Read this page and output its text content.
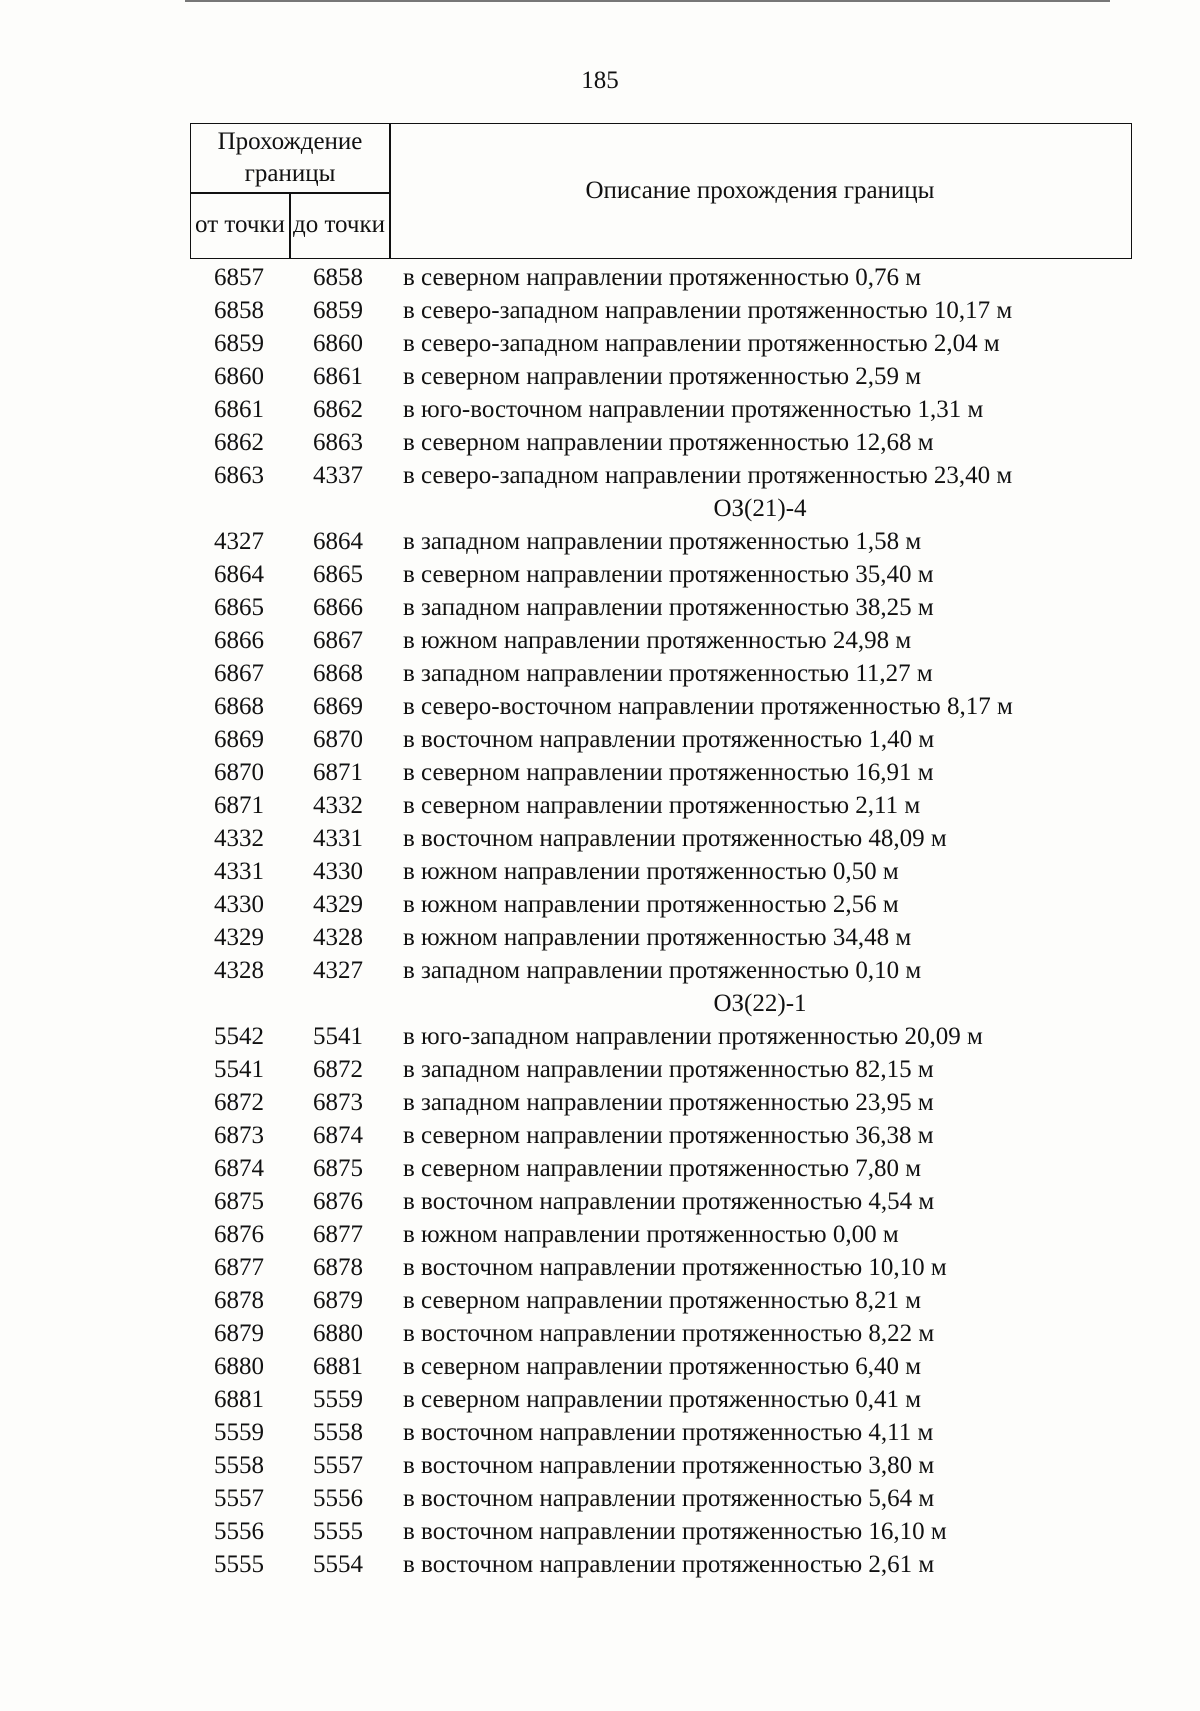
185
Прохождение границы
от точки до точки
Описание прохождения границы
6857	6858	в северном направлении протяженностью 0,76 м
6858	6859	в северо-западном направлении протяженностью 10,17 м
6859	6860	в северо-западном направлении протяженностью 2,04 м
6860	6861	в северном направлении протяженностью 2,59 м
6861	6862	в юго-восточном направлении протяженностью 1,31 м
6862	6863	в северном направлении протяженностью 12,68 м
6863	4337	в северо-западном направлении протяженностью 23,40 м
ОЗ(21)-4
4327	6864	в западном направлении протяженностью 1,58 м
6864	6865	в северном направлении протяженностью 35,40 м
6865	6866	в западном направлении протяженностью 38,25 м
6866	6867	в южном направлении протяженностью 24,98 м
6867	6868	в западном направлении протяженностью 11,27 м
6868	6869	в северо-восточном направлении протяженностью 8,17 м
6869	6870	в восточном направлении протяженностью 1,40 м
6870	6871	в северном направлении протяженностью 16,91 м
6871	4332	в северном направлении протяженностью 2,11 м
4332	4331	в восточном направлении протяженностью 48,09 м
4331	4330	в южном направлении протяженностью 0,50 м
4330	4329	в южном направлении протяженностью 2,56 м
4329	4328	в южном направлении протяженностью 34,48 м
4328	4327	в западном направлении протяженностью 0,10 м
ОЗ(22)-1
5542	5541	в юго-западном направлении протяженностью 20,09 м
5541	6872	в западном направлении протяженностью 82,15 м
6872	6873	в западном направлении протяженностью 23,95 м
6873	6874	в северном направлении протяженностью 36,38 м
6874	6875	в северном направлении протяженностью 7,80 м
6875	6876	в восточном направлении протяженностью 4,54 м
6876	6877	в южном направлении протяженностью 0,00 м
6877	6878	в восточном направлении протяженностью 10,10 м
6878	6879	в северном направлении протяженностью 8,21 м
6879	6880	в восточном направлении протяженностью 8,22 м
6880	6881	в северном направлении протяженностью 6,40 м
6881	5559	в северном направлении протяженностью 0,41 м
5559	5558	в восточном направлении протяженностью 4,11 м
5558	5557	в восточном направлении протяженностью 3,80 м
5557	5556	в восточном направлении протяженностью 5,64 м
5556	5555	в восточном направлении протяженностью 16,10 м
5555	5554	в восточном направлении протяженностью 2,61 м
